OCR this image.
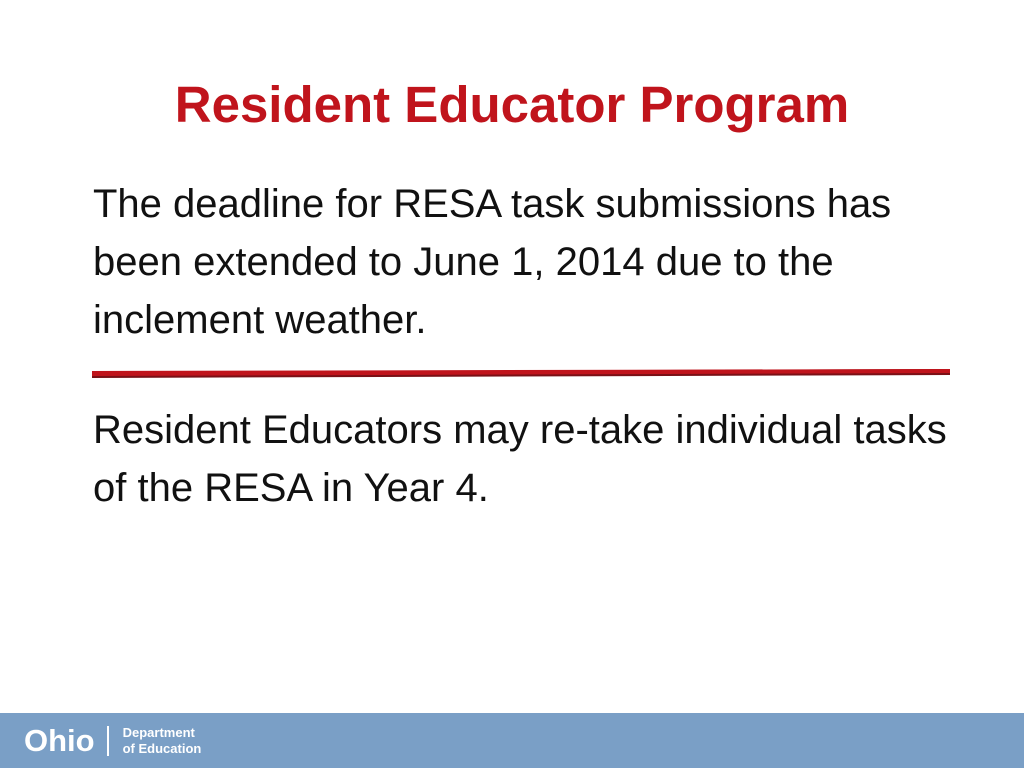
Resident Educator Program

The deadline for RESA task submissions has been extended to June 1, 2014 due to the inclement weather.

Resident Educators may re-take individual tasks of the RESA in Year 4.

Ohio Department
of Education
